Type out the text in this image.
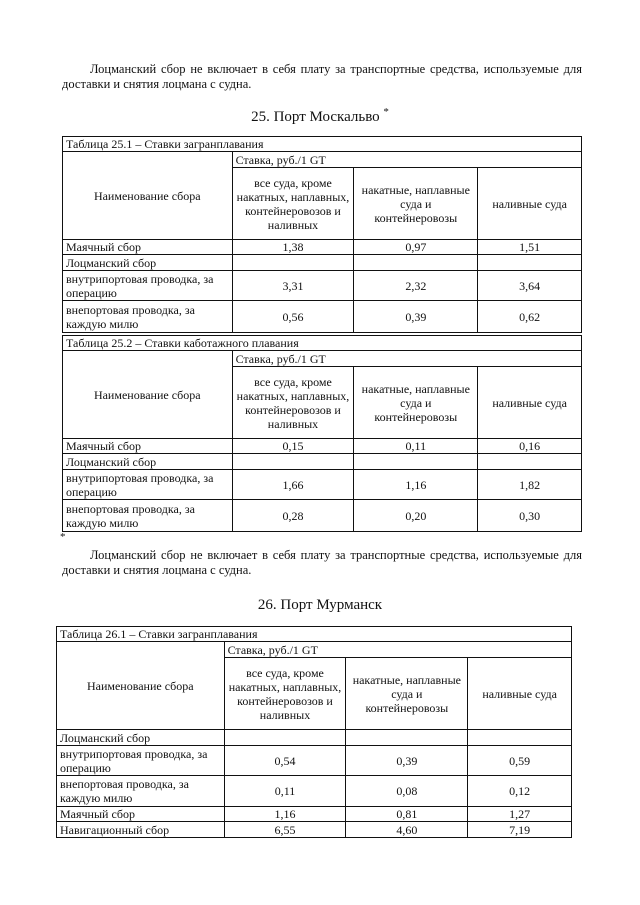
Лоцманский сбор не включает в себя плату за транспортные средства, используемые для доставки и снятия лоцмана с судна.

25. Порт Москальво *
Таблица 25.1 – Ставки загранплавания			
Наименование сбора	Ставка, руб./1 GT		
	все суда, кроме накатных, наплавных, контейнеровозов и наливных	накатные, наплавные суда и контейнеровозы	наливные суда
Маячный сбор	1,38	0,97	1,51
Лоцманский сбор			
внутрипортовая проводка, за операцию	3,31	2,32	3,64
внепортовая проводка, за каждую милю	0,56	0,39	0,62
Таблица 25.2 – Ставки каботажного плавания			
Наименование сбора	Ставка, руб./1 GT		
	все суда, кроме накатных, наплавных, контейнеровозов и наливных	накатные, наплавные суда и контейнеровозы	наливные суда
Маячный сбор	0,15	0,11	0,16
Лоцманский сбор			
внутрипортовая проводка, за операцию	1,66	1,16	1,82
внепортовая проводка, за каждую милю	0,28	0,20	0,30
*

Лоцманский сбор не включает в себя плату за транспортные средства, используемые для доставки и снятия лоцмана с судна.

26. Порт Мурманск
Таблица 26.1 – Ставки загранплавания			
Наименование сбора	Ставка, руб./1 GT		
	все суда, кроме накатных, наплавных, контейнеровозов и наливных	накатные, наплавные суда и контейнеровозы	наливные суда
Лоцманский сбор			
внутрипортовая проводка, за операцию	0,54	0,39	0,59
внепортовая проводка, за каждую милю	0,11	0,08	0,12
Маячный сбор	1,16	0,81	1,27
Навигационный сбор	6,55	4,60	7,19
